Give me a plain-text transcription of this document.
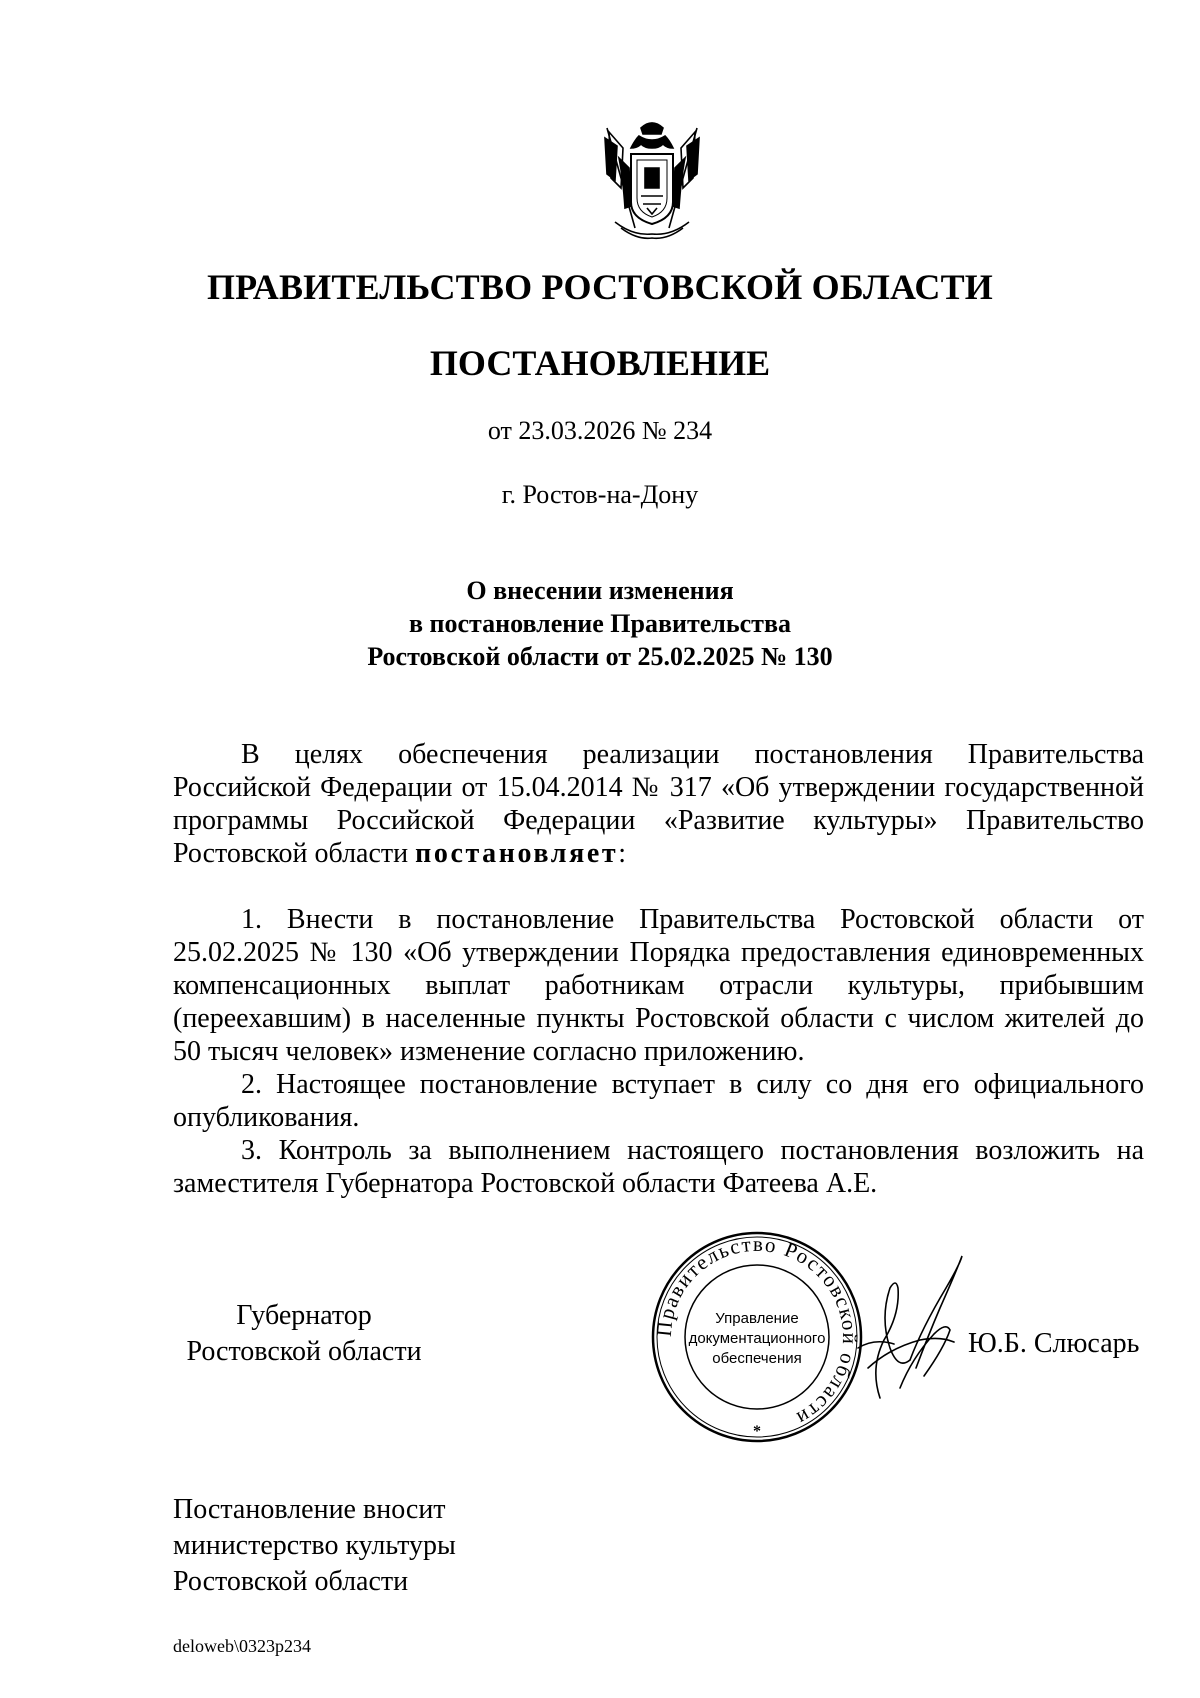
ПРАВИТЕЛЬСТВО РОСТОВСКОЙ ОБЛАСТИ
ПОСТАНОВЛЕНИЕ
от 23.03.2026 № 234
г. Ростов-на-Дону
О внесении изменения
в постановление Правительства
Ростовской области от 25.02.2025 № 130
В целях обеспечения реализации постановления Правительства Российской Федерации от 15.04.2014 № 317 «Об утверждении государственной программы Российской Федерации «Развитие культуры» Правительство Ростовской области постановляет:
1. Внести в постановление Правительства Ростовской области от 25.02.2025 № 130 «Об утверждении Порядка предоставления единовременных компенсационных выплат работникам отрасли культуры, прибывшим (переехавшим) в населенные пункты Ростовской области с числом жителей до 50 тысяч человек» изменение согласно приложению.
2. Настоящее постановление вступает в силу со дня его официального опубликования.
3. Контроль за выполнением настоящего постановления возложить на заместителя Губернатора Ростовской области Фатеева А.Е.
Губернатор
Ростовской области
Правительство Ростовской области
Управление
документационного
обеспечения
*
Ю.Б. Слюсарь
Постановление вносит
министерство культуры
Ростовской области
deloweb\0323p234
